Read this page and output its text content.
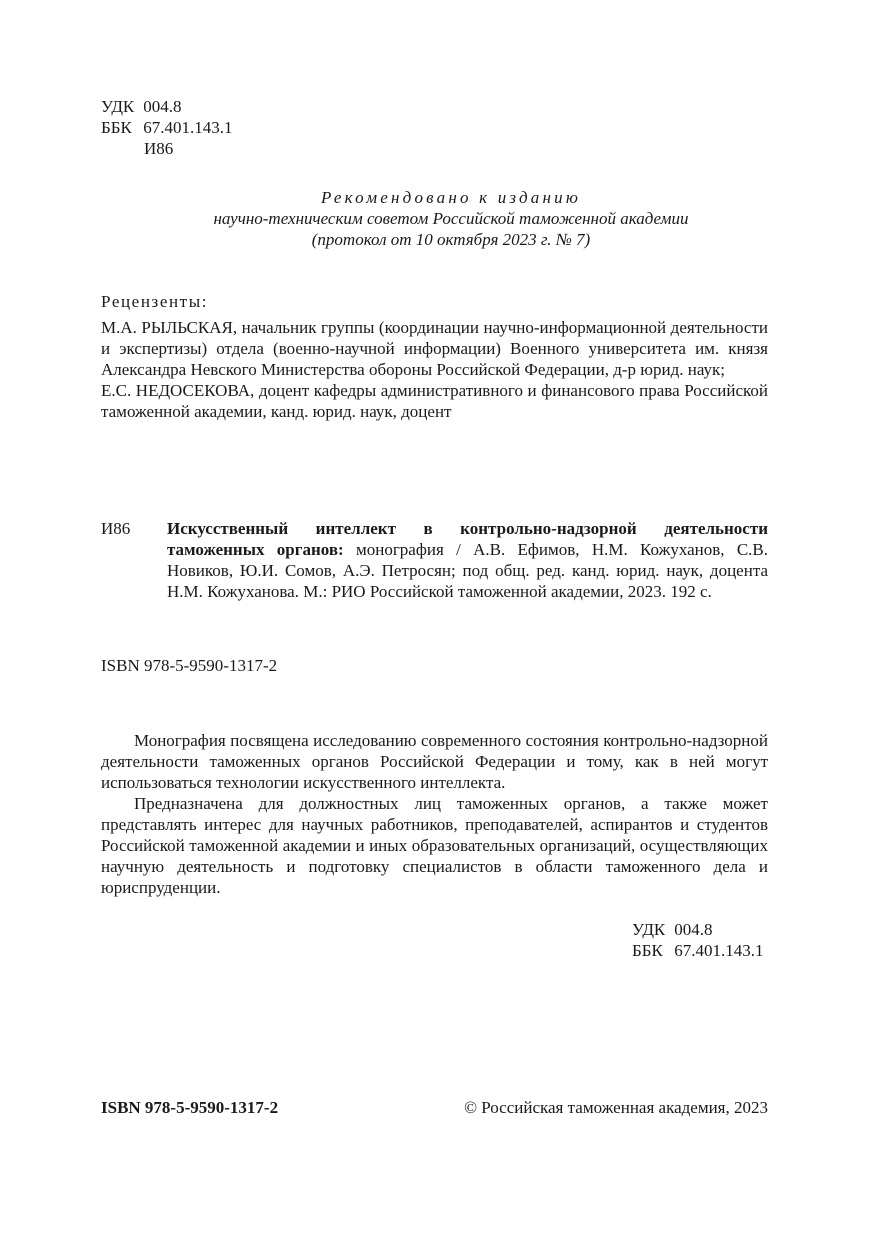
УДК 004.8
ББК 67.401.143.1
И86
Рекомендовано к изданию
научно-техническим советом Российской таможенной академии
(протокол от 10 октября 2023 г. № 7)
Рецензенты:

М.А. РЫЛЬСКАЯ, начальник группы (координации научно-информационной деятельности и экспертизы) отдела (военно-научной информации) Военного университета им. князя Александра Невского Министерства обороны Российской Федерации, д-р юрид. наук;

Е.С. НЕДОСЕКОВА, доцент кафедры административного и финансового права Российской таможенной академии, канд. юрид. наук, доцент

И86 Искусственный интеллект в контрольно-надзорной деятельности таможенных органов: монография / А.В. Ефимов, Н.М. Кожуханов, С.В. Новиков, Ю.И. Сомов, А.Э. Петросян; под общ. ред. канд. юрид. наук, доцента Н.М. Кожуханова. М.: РИО Российской таможенной академии, 2023. 192 с.
ISBN 978-5-9590-1317-2

Монография посвящена исследованию современного состояния контрольно-надзорной деятельности таможенных органов Российской Федерации и тому, как в ней могут использоваться технологии искусственного интеллекта.

Предназначена для должностных лиц таможенных органов, а также может представлять интерес для научных работников, преподавателей, аспирантов и студентов Российской таможенной академии и иных образовательных организаций, осуществляющих научную деятельность и подготовку специалистов в области таможенного дела и юриспруденции.

УДК 004.8
ББК 67.401.143.1
ISBN 978-5-9590-1317-2	© Российская таможенная академия, 2023
